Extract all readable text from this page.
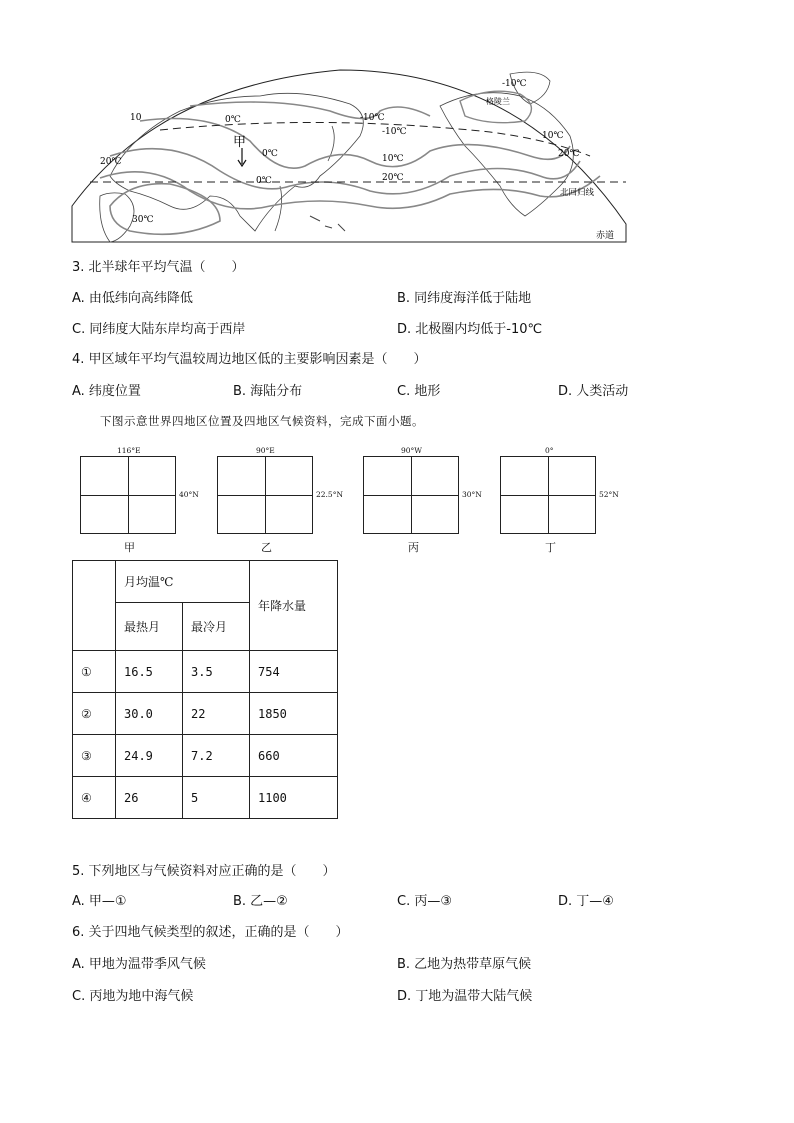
甲
0℃
0℃
0℃
-10℃
-10℃
-10℃
格陵兰
10
10℃
10℃
20℃
20℃
20℃
30℃
北回归线
赤道
3. 北半球年平均气温（　　）
A. 由低纬向高纬降低	B. 同纬度海洋低于陆地
C. 同纬度大陆东岸均高于西岸	D. 北极圈内均低于-10℃
4. 甲区域年平均气温较周边地区低的主要影响因素是（　　）
A. 纬度位置	B. 海陆分布	C. 地形	D. 人类活动
下图示意世界四地区位置及四地区气候资料，完成下面小题。
116°E
40°N
甲
90°E
22.5°N
乙
90°W
30°N
丙
0°
52°N
丁
	月均温℃		年降水量
	最热月	最冷月	
①	16.5	3.5	754
②	30.0	22	1850
③	24.9	7.2	660
④	26	5	1100
5. 下列地区与气候资料对应正确的是（　　）
A. 甲—①	B. 乙—②	C. 丙—③	D. 丁—④
6. 关于四地气候类型的叙述，正确的是（　　）
A. 甲地为温带季风气候	B. 乙地为热带草原气候
C. 丙地为地中海气候	D. 丁地为温带大陆气候
